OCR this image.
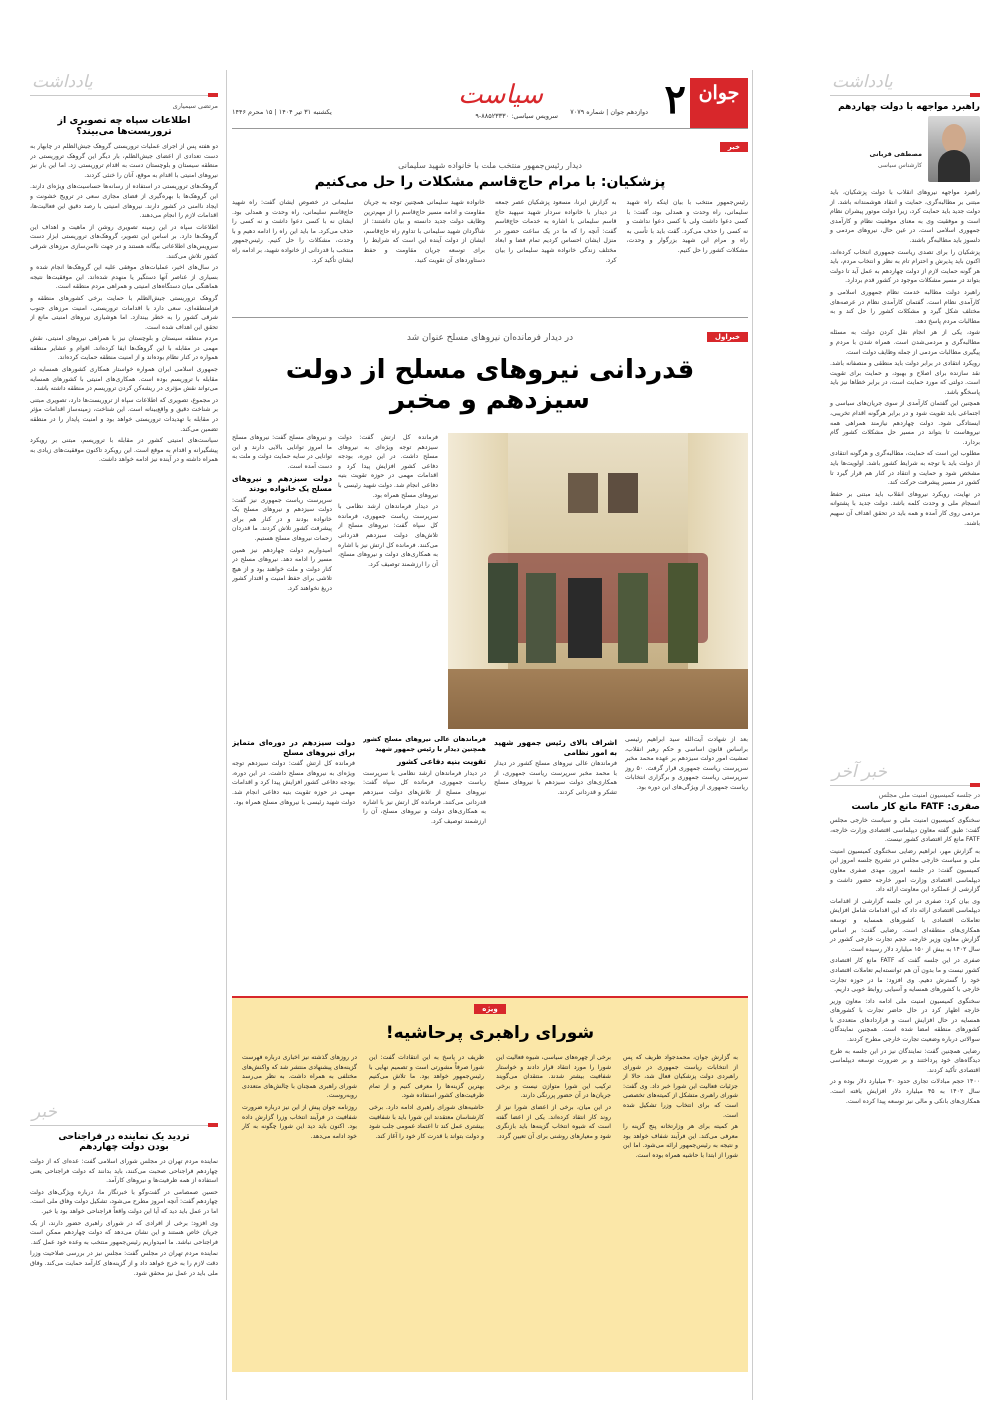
جوان
۲
دوازدهم جوان | شماره ۷۰۷۹
سیاست
سرویس سیاسی: ۸۸۵۲۳۳۳۰-۹
یکشنبه ۳۱ تیر ۱۴۰۴ | ۱۵ محرم ۱۴۴۶
یادداشت
راهبرد مواجهه با دولت چهاردهم
مصطفی قربانی
کارشناس سیاسی

راهبرد مواجهه نیروهای انقلاب با دولت پزشکیان، باید مبتنی بر مطالبه‌گری، حمایت و انتقاد هوشمندانه باشد. از دولت جدید باید حمایت کرد، زیرا دولت موتور پیشران نظام است و موفقیت وی به معنای موفقیت نظام و کارآمدی جمهوری اسلامی است. در عین حال، نیروهای مردمی و دلسوز باید مطالبه‌گر باشند.

پزشکیان را برای تصدی ریاست جمهوری انتخاب کرده‌اند، اکنون باید پذیرش و احترام تام به نظر و انتخاب مردم، باید هر گونه حمایت لازم از دولت چهاردهم به عمل آید تا دولت بتواند در مسیر مشکلات موجود در کشور قدم بردارد.

راهبرد دولت مطالبه خدمت نظام جمهوری اسلامی و کارآمدی نظام است. گفتمان کارآمدی نظام در عرصه‌های مختلف شکل گیرد و مشکلات کشور را حل کند و به مطالبات مردم پاسخ دهد.

شود، یکی از هر انجام نقل کردن دولت به مسئله مطالبه‌گری و مردمی‌شدن است. همراه شدن با مردم و پیگیری مطالبات مردمی از جمله وظایف دولت است.

رویکرد انتقادی در برابر دولت باید منطقی و منصفانه باشد. نقد سازنده برای اصلاح و بهبود، و حمایت برای تقویت است. دولتی که مورد حمایت است، در برابر خطاها نیز باید پاسخگو باشد.

همچنین این گفتمان کارآمدی از سوی جریان‌های سیاسی و اجتماعی باید تقویت شود و در برابر هرگونه اقدام تخریبی، ایستادگی شود. دولت چهاردهم نیازمند همراهی همه نیروهاست تا بتواند در مسیر حل مشکلات کشور گام بردارد.

مطلوب این است که حمایت، مطالبه‌گری و هرگونه انتقادی از دولت باید با توجه به شرایط کشور باشد. اولویت‌ها باید مشخص شود و حمایت و انتقاد در کنار هم قرار گیرد تا کشور در مسیر پیشرفت حرکت کند.

در نهایت، رویکرد نیروهای انقلاب باید مبتنی بر حفظ انسجام ملی و وحدت کلمه باشد. دولت جدید با پشتوانه مردمی روی کار آمده و همه باید در تحقق اهداف آن سهیم باشند.

خبر آخر
در جلسه کمیسیون امنیت ملی مجلس
صفری: FATF مانع کار ماست

سخنگوی کمیسیون امنیت ملی و سیاست خارجی مجلس گفت: طبق گفته معاون دیپلماسی اقتصادی وزارت خارجه، FATF مانع کار اقتصادی کشور نیست.

به گزارش مهر، ابراهیم رضایی سخنگوی کمیسیون امنیت ملی و سیاست خارجی مجلس در تشریح جلسه امروز این کمیسیون گفت: در جلسه امروز، مهدی صفری معاون دیپلماسی اقتصادی وزارت امور خارجه حضور داشت و گزارشی از عملکرد این معاونت ارائه داد.

وی بیان کرد: صفری در این جلسه گزارشی از اقدامات دیپلماسی اقتصادی ارائه داد که این اقدامات شامل افزایش تعاملات اقتصادی با کشورهای همسایه و توسعه همکاری‌های منطقه‌ای است. رضایی گفت: بر اساس گزارش معاون وزیر خارجه، حجم تجارت خارجی کشور در سال ۱۴۰۲ به بیش از ۱۵۰ میلیارد دلار رسیده است.

صفری در این جلسه گفت که FATF مانع کار اقتصادی کشور نیست و ما بدون آن هم توانسته‌ایم تعاملات اقتصادی خود را گسترش دهیم. وی افزود: ما در حوزه تجارت خارجی با کشورهای همسایه و آسیایی روابط خوبی داریم.

سخنگوی کمیسیون امنیت ملی ادامه داد: معاون وزیر خارجه اظهار کرد در حال حاضر تجارت با کشورهای همسایه در حال افزایش است و قراردادهای متعددی با کشورهای منطقه امضا شده است. همچنین نمایندگان سوالاتی درباره وضعیت تجارت خارجی مطرح کردند.

رضایی همچنین گفت: نمایندگان نیز در این جلسه به طرح دیدگاه‌های خود پرداختند و بر ضرورت توسعه دیپلماسی اقتصادی تأکید کردند.

۱۴۰۰ حجم مبادلات تجاری حدود ۳۰ میلیارد دلار بوده و در سال ۱۴۰۲ به ۴۵ میلیارد دلار افزایش یافته است. همکاری‌های بانکی و مالی نیز توسعه پیدا کرده است.

خبر
دیدار رئیس‌جمهور منتخب ملت با خانواده شهید سلیمانی
پزشکیان: با مرام حاج‌قاسم مشکلات را حل می‌کنیم

رئیس‌جمهور منتخب با بیان اینکه راه شهید سلیمانی، راه وحدت و همدلی بود، گفت: با کسی دعوا داشت ولی با کسی دعوا نداشت و نه کسی را حذف می‌کرد. گفت باید با تأسی به راه و مرام این شهید بزرگوار و وحدت، مشکلات کشور را حل کنیم.

به گزارش ایرنا، مسعود پزشکیان عصر جمعه در دیدار با خانواده سردار شهید سپهبد حاج قاسم سلیمانی با اشاره به خدمات حاج‌قاسم گفت: آنچه را که ما در یک ساعت حضور در منزل ایشان احساس کردیم تمام فضا و ابعاد مختلف زندگی خانواده شهید سلیمانی را بیان کرد.

خانواده شهید سلیمانی همچنین توجه به جریان مقاومت و ادامه مسیر حاج‌قاسم را از مهم‌ترین وظایف دولت جدید دانسته و بیان داشتند: از شاگردان شهید سلیمانی با تداوم راه حاج‌قاسم، ایشان از دولت آینده این است که شرایط را برای توسعه جریان مقاومت و حفظ دستاوردهای آن تقویت کنید.

سلیمانی در خصوص ایشان گفت: راه شهید حاج‌قاسم سلیمانی، راه وحدت و همدلی بود. ایشان نه با کسی دعوا داشت و نه کسی را حذف می‌کرد. ما باید این راه را ادامه دهیم و با وحدت، مشکلات را حل کنیم. رئیس‌جمهور منتخب با قدردانی از خانواده شهید، بر ادامه راه ایشان تأکید کرد.

خبراول
در دیدار فرمانده‌ان نیروهای مسلح عنوان شد
قدردانی نیروهای مسلح از دولت سیزدهم و مخبر

و نیروهای مسلح گفت: نیروهای مسلح ما امروز توانایی بالایی دارند و این توانایی در سایه حمایت دولت و ملت به دست آمده است.

دولت سیزدهم و نیروهای مسلح یک خانواده بودند

سرپرست ریاست جمهوری نیز گفت: دولت سیزدهم و نیروهای مسلح یک خانواده بودند و در کنار هم برای پیشرفت کشور تلاش کردند. ما قدردان زحمات نیروهای مسلح هستیم.

امیدواریم دولت چهاردهم نیز همین مسیر را ادامه دهد. نیروهای مسلح در کنار دولت و ملت خواهند بود و از هیچ تلاشی برای حفظ امنیت و اقتدار کشور دریغ نخواهند کرد.

فرمانده کل ارتش گفت: دولت سیزدهم توجه ویژه‌ای به نیروهای مسلح داشت. در این دوره، بودجه دفاعی کشور افزایش پیدا کرد و اقدامات مهمی در حوزه تقویت بنیه دفاعی انجام شد. دولت شهید رئیسی با نیروهای مسلح همراه بود.

در دیدار فرماندهان ارشد نظامی با سرپرست ریاست جمهوری، فرمانده کل سپاه گفت: نیروهای مسلح از تلاش‌های دولت سیزدهم قدردانی می‌کنند. فرمانده کل ارتش نیز با اشاره به همکاری‌های دولت و نیروهای مسلح، آن را ارزشمند توصیف کرد.

بعد از شهادت آیت‌الله سید ابراهیم رئیسی براساس قانون اساسی و حکم رهبر انقلاب، تمشیت امور دولت سیزدهم بر عهده محمد مخبر سرپرست ریاست جمهوری قرار گرفت. ۵۰ روز سرپرستی ریاست جمهوری و برگزاری انتخابات ریاست جمهوری از ویژگی‌های این دوره بود.

اشراف بالای رئیس جمهور شهید به امور نظامی

فرماندهان عالی نیروهای مسلح کشور در دیدار با محمد مخبر سرپرست ریاست جمهوری، از همکاری‌های دولت سیزدهم با نیروهای مسلح تشکر و قدردانی کردند.

فرماندهان عالی نیروهای مسلح کشور همچنین دیدار با رئیس جمهور شهید
تقویت بنیه دفاعی کشور

در دیدار فرماندهان ارشد نظامی با سرپرست ریاست جمهوری، فرمانده کل سپاه گفت: نیروهای مسلح از تلاش‌های دولت سیزدهم قدردانی می‌کنند. فرمانده کل ارتش نیز با اشاره به همکاری‌های دولت و نیروهای مسلح، آن را ارزشمند توصیف کرد.

دولت سیزدهم در دوره‌ای متمایز برای نیروهای مسلح

فرمانده کل ارتش گفت: دولت سیزدهم توجه ویژه‌ای به نیروهای مسلح داشت. در این دوره، بودجه دفاعی کشور افزایش پیدا کرد و اقدامات مهمی در حوزه تقویت بنیه دفاعی انجام شد. دولت شهید رئیسی با نیروهای مسلح همراه بود.

ویژه
شورای راهبری پرحاشیه!

به گزارش جوان، محمدجواد ظریف که پس از انتخابات ریاست جمهوری در شورای راهبردی دولت پزشکیان فعال شد، حالا از جزئیات فعالیت این شورا خبر داد. وی گفت: شورای راهبری متشکل از کمیته‌های تخصصی است که برای انتخاب وزرا تشکیل شده است.

هر کمیته برای هر وزارتخانه پنج گزینه را معرفی می‌کند. این فرآیند شفاف خواهد بود و نتیجه به رئیس‌جمهور ارائه می‌شود. اما این شورا از ابتدا با حاشیه همراه بوده است.

برخی از چهره‌های سیاسی، شیوه فعالیت این شورا را مورد انتقاد قرار دادند و خواستار شفافیت بیشتر شدند. منتقدان می‌گویند ترکیب این شورا متوازن نیست و برخی جریان‌ها در آن حضور پررنگی دارند.

در این میان، برخی از اعضای شورا نیز از روند کار انتقاد کرده‌اند. یکی از اعضا گفته است که شیوه انتخاب گزینه‌ها باید بازنگری شود و معیارهای روشنی برای آن تعیین گردد.

ظریف در پاسخ به این انتقادات گفت: این شورا صرفاً مشورتی است و تصمیم نهایی با رئیس‌جمهور خواهد بود. ما تلاش می‌کنیم بهترین گزینه‌ها را معرفی کنیم و از تمام ظرفیت‌های کشور استفاده شود.

حاشیه‌های شورای راهبری ادامه دارد. برخی کارشناسان معتقدند این شورا باید با شفافیت بیشتری عمل کند تا اعتماد عمومی جلب شود و دولت بتواند با قدرت کار خود را آغاز کند.

در روزهای گذشته نیز اخباری درباره فهرست گزینه‌های پیشنهادی منتشر شد که واکنش‌های مختلفی به همراه داشت. به نظر می‌رسد شورای راهبری همچنان با چالش‌های متعددی روبه‌روست.

روزنامه جوان پیش از این نیز درباره ضرورت شفافیت در فرآیند انتخاب وزرا گزارش داده بود. اکنون باید دید این شورا چگونه به کار خود ادامه می‌دهد.

یادداشت
مرتضی سیمیاری
اطلاعات سپاه چه تصویری از تروریست‌ها می‌بیند؟

دو هفته پس از اجرای عملیات تروریستی گروهک جیش‌الظلم در چابهار به دست تعدادی از اعضای جیش‌الظلم، بار دیگر این گروهک تروریستی در منطقه سیستان و بلوچستان دست به اقدام تروریستی زد. اما این بار نیز نیروهای امنیتی با اقدام به موقع، آنان را خنثی کردند.

گروهک‌های تروریستی در استفاده از رسانه‌ها حساسیت‌های ویژه‌ای دارند. این گروهک‌ها با بهره‌گیری از فضای مجازی سعی در ترویج خشونت و ایجاد ناامنی در کشور دارند. نیروهای امنیتی با رصد دقیق این فعالیت‌ها، اقدامات لازم را انجام می‌دهند.

اطلاعات سپاه در این زمینه تصویری روشن از ماهیت و اهداف این گروهک‌ها دارد. بر اساس این تصویر، گروهک‌های تروریستی ابزار دست سرویس‌های اطلاعاتی بیگانه هستند و در جهت ناامن‌سازی مرزهای شرقی کشور تلاش می‌کنند.

در سال‌های اخیر، عملیات‌های موفقی علیه این گروهک‌ها انجام شده و بسیاری از عناصر آنها دستگیر یا منهدم شده‌اند. این موفقیت‌ها نتیجه هماهنگی میان دستگاه‌های امنیتی و همراهی مردم منطقه است.

گروهک تروریستی جیش‌الظلم با حمایت برخی کشورهای منطقه و فرامنطقه‌ای، سعی دارد با اقدامات تروریستی، امنیت مرزهای جنوب شرقی کشور را به خطر بیندازد. اما هوشیاری نیروهای امنیتی مانع از تحقق این اهداف شده است.

مردم منطقه سیستان و بلوچستان نیز با همراهی نیروهای امنیتی، نقش مهمی در مقابله با این گروهک‌ها ایفا کرده‌اند. اقوام و عشایر منطقه همواره در کنار نظام بوده‌اند و از امنیت منطقه حمایت کرده‌اند.

جمهوری اسلامی ایران همواره خواستار همکاری کشورهای همسایه در مقابله با تروریسم بوده است. همکاری‌های امنیتی با کشورهای همسایه می‌تواند نقش مؤثری در ریشه‌کن کردن تروریسم در منطقه داشته باشد.

در مجموع، تصویری که اطلاعات سپاه از تروریست‌ها دارد، تصویری مبتنی بر شناخت دقیق و واقع‌بینانه است. این شناخت، زمینه‌ساز اقدامات مؤثر در مقابله با تهدیدات تروریستی خواهد بود و امنیت پایدار را در منطقه تضمین می‌کند.

سیاست‌های امنیتی کشور در مقابله با تروریسم، مبتنی بر رویکرد پیشگیرانه و اقدام به موقع است. این رویکرد تاکنون موفقیت‌های زیادی به همراه داشته و در آینده نیز ادامه خواهد داشت.

خبر
تردید یک نماینده در فراجناحی بودن دولت چهاردهم

نماینده مردم تهران در مجلس شورای اسلامی گفت: عده‌ای که از دولت چهاردهم فراجناحی صحبت می‌کنند، باید بدانند که دولت فراجناحی یعنی استفاده از همه ظرفیت‌ها و نیروهای کارآمد.

حسین صمصامی در گفت‌وگو با خبرنگار ما، درباره ویژگی‌های دولت چهاردهم گفت: آنچه امروز مطرح می‌شود، تشکیل دولت وفاق ملی است. اما در عمل باید دید که آیا این دولت واقعاً فراجناحی خواهد بود یا خیر.

وی افزود: برخی از افرادی که در شورای راهبری حضور دارند، از یک جریان خاص هستند و این نشان می‌دهد که دولت چهاردهم ممکن است فراجناحی نباشد. ما امیدواریم رئیس‌جمهور منتخب به وعده خود عمل کند.

نماینده مردم تهران در مجلس گفت: مجلس نیز در بررسی صلاحیت وزرا دقت لازم را به خرج خواهد داد و از گزینه‌های کارآمد حمایت می‌کند. وفاق ملی باید در عمل نیز محقق شود.
